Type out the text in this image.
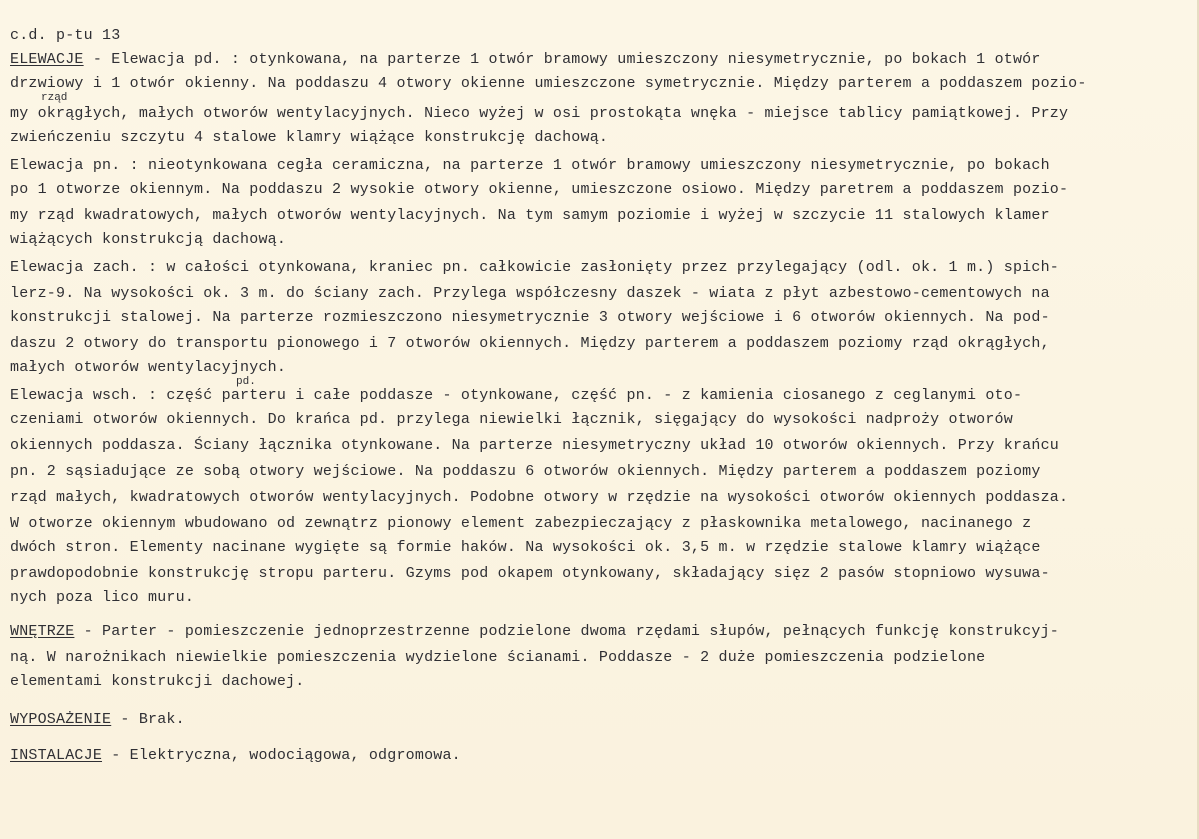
c.d. p-tu 13
ELEWACJE - Elewacja pd. : otynkowana, na parterze 1 otwór bramowy umieszczony niesymetrycznie, po bokach 1 otwór
drzwiowy i 1 otwór okienny. Na poddaszu 4 otwory okienne umieszczone symetrycznie. Między parterem a poddaszem pozio-
rząd
my okrągłych, małych otworów wentylacyjnych. Nieco wyżej w osi prostokąta wnęka - miejsce tablicy pamiątkowej. Przy
zwieńczeniu szczytu 4 stalowe klamry wiążące konstrukcję dachową.
Elewacja pn. : nieotynkowana cegła ceramiczna, na parterze 1 otwór bramowy umieszczony niesymetrycznie, po bokach
po 1 otworze okiennym. Na poddaszu 2 wysokie otwory okienne, umieszczone osiowo. Między paretrem a poddaszem pozio-
my rząd kwadratowych, małych otworów wentylacyjnych. Na tym samym poziomie i wyżej w szczycie 11 stalowych klamer
wiążących konstrukcją dachową.
Elewacja zach. : w całości otynkowana, kraniec pn. całkowicie zasłonięty przez przylegający (odl. ok. 1 m.) spich-
lerz-9. Na wysokości ok. 3 m. do ściany zach. Przylega współczesny daszek - wiata z płyt azbestowo-cementowych na
konstrukcji stalowej. Na parterze rozmieszczono niesymetrycznie 3 otwory wejściowe i 6 otworów okiennych. Na pod-
daszu 2 otwory do transportu pionowego i 7 otworów okiennych. Między parterem a poddaszem poziomy rząd okrągłych,
małych otworów wentylacyjnych.
pd.
Elewacja wsch. : część parteru i całe poddasze - otynkowane, część pn. - z kamienia ciosanego z ceglanymi oto-
czeniami otworów okiennych. Do krańca pd. przylega niewielki łącznik, sięgający do wysokości nadproży otworów
okiennych poddasza. Ściany łącznika otynkowane. Na parterze niesymetryczny układ 10 otworów okiennych. Przy krańcu
pn. 2 sąsiadujące ze sobą otwory wejściowe. Na poddaszu 6 otworów okiennych. Między parterem a poddaszem poziomy
rząd małych, kwadratowych otworów wentylacyjnych. Podobne otwory w rzędzie na wysokości otworów okiennych poddasza.
W otworze okiennym wbudowano od zewnątrz pionowy element zabezpieczający z płaskownika metalowego, nacinanego z
dwóch stron. Elementy nacinane wygięte są formie haków. Na wysokości ok. 3,5 m. w rzędzie stalowe klamry wiążące
prawdopodobnie konstrukcję stropu parteru. Gzyms pod okapem otynkowany, składający sięz 2 pasów stopniowo wysuwa-
nych poza lico muru.
WNĘTRZE - Parter - pomieszczenie jednoprzestrzenne podzielone dwoma rzędami słupów, pełnących funkcję konstrukcyj-
ną. W narożnikach niewielkie pomieszczenia wydzielone ścianami. Poddasze - 2 duże pomieszczenia podzielone
elementami konstrukcji dachowej.
WYPOSAŻENIE - Brak.
INSTALACJE - Elektryczna, wodociągowa, odgromowa.
